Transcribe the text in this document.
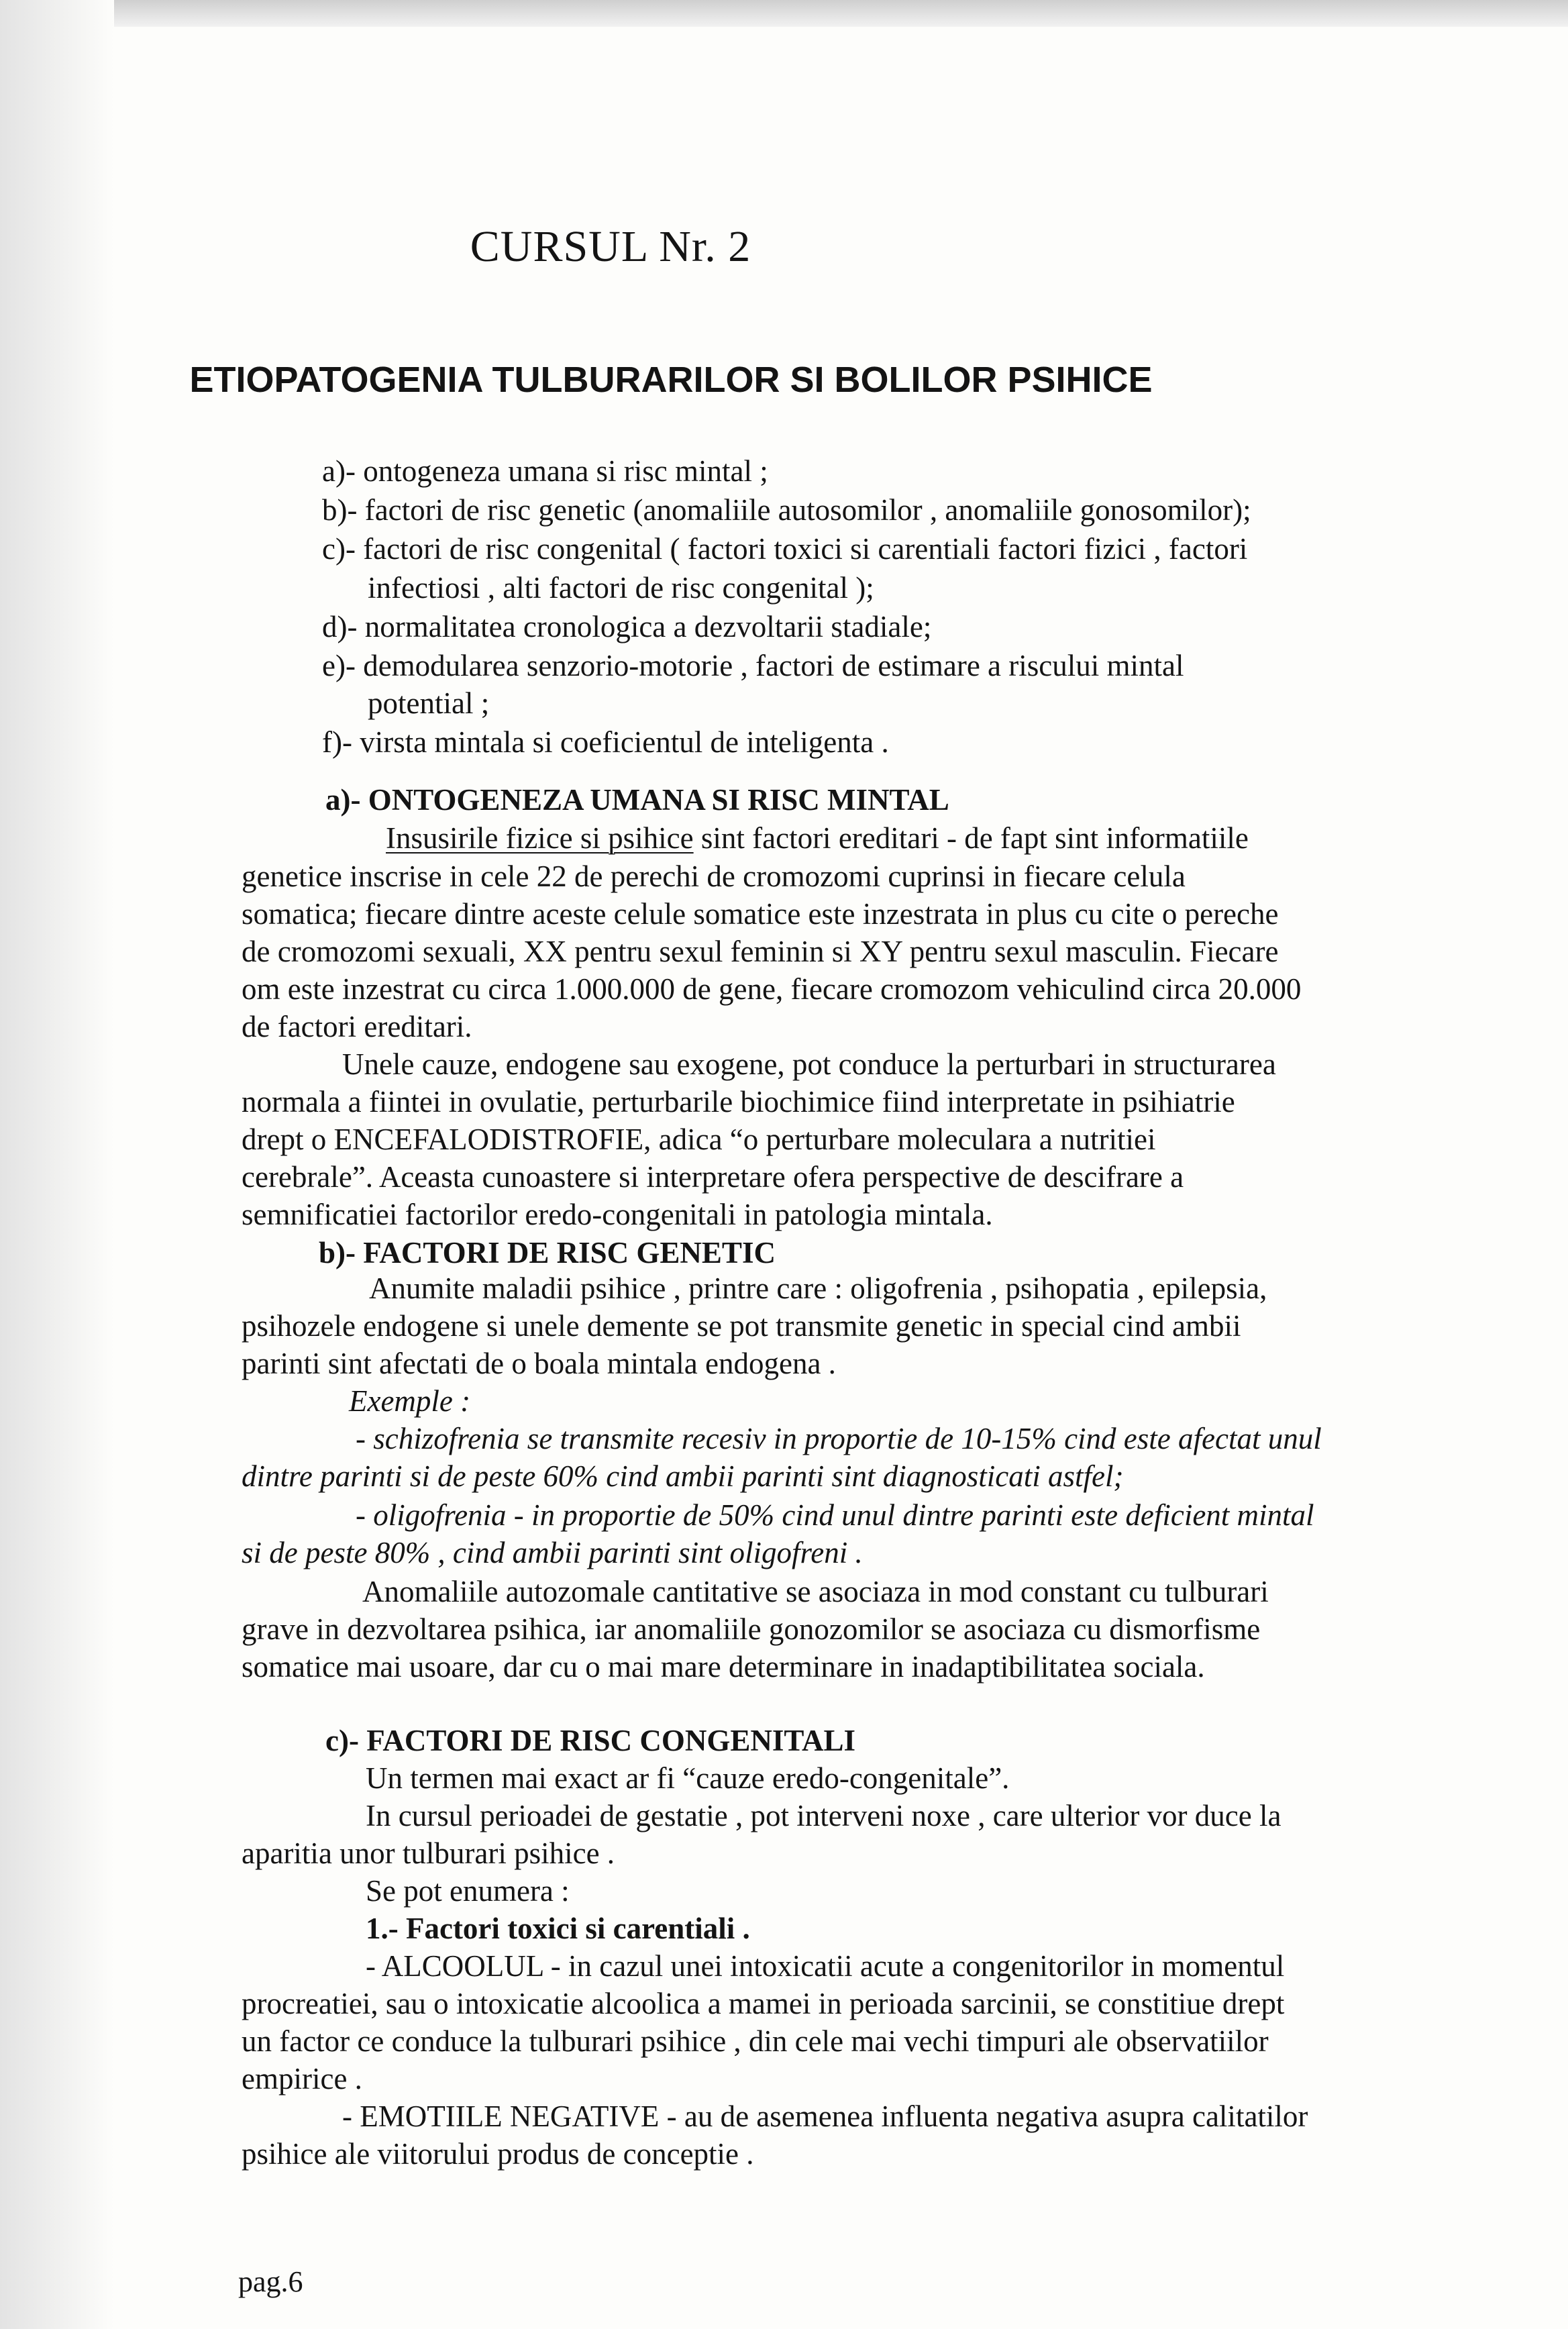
CURSUL Nr. 2
ETIOPATOGENIA TULBURARILOR SI BOLILOR PSIHICE
a)- ontogeneza umana si risc mintal ;
b)- factori de risc genetic (anomaliile autosomilor , anomaliile gonosomilor);
c)- factori de risc congenital ( factori toxici si carentiali factori fizici , factori
infectiosi , alti factori de risc congenital );
d)- normalitatea cronologica a dezvoltarii stadiale;
e)- demodularea senzorio-motorie , factori de estimare a riscului mintal
potential ;
f)- virsta mintala si coeficientul de inteligenta .
a)- ONTOGENEZA UMANA SI RISC MINTAL
Insusirile fizice si psihice sint factori ereditari - de fapt sint informatiile
genetice inscrise in cele 22 de perechi de cromozomi cuprinsi in fiecare celula
somatica; fiecare dintre aceste celule somatice este inzestrata in plus cu cite o pereche
de cromozomi sexuali, XX pentru sexul feminin si XY pentru sexul masculin. Fiecare
om este inzestrat cu circa 1.000.000 de gene, fiecare cromozom vehiculind circa 20.000
de factori ereditari.
Unele cauze, endogene sau exogene, pot conduce la perturbari in structurarea
normala a fiintei in ovulatie, perturbarile biochimice fiind interpretate in psihiatrie
drept o ENCEFALODISTROFIE, adica “o perturbare moleculara a nutritiei
cerebrale”. Aceasta cunoastere si interpretare ofera perspective de descifrare a
semnificatiei factorilor eredo-congenitali in patologia mintala.
b)- FACTORI DE RISC GENETIC
Anumite maladii psihice , printre care : oligofrenia , psihopatia , epilepsia,
psihozele endogene si unele demente se pot transmite genetic in special cind ambii
parinti sint afectati de o boala mintala endogena .
Exemple :
- schizofrenia se transmite recesiv in proportie de 10-15% cind este afectat unul
dintre parinti si de peste 60% cind ambii parinti sint diagnosticati astfel;
- oligofrenia - in proportie de 50% cind unul dintre parinti este deficient mintal
si de peste 80% , cind ambii parinti sint oligofreni .
Anomaliile autozomale cantitative se asociaza in mod constant cu tulburari
grave in dezvoltarea psihica, iar anomaliile gonozomilor se asociaza cu dismorfisme
somatice mai usoare, dar cu o mai mare determinare in inadaptibilitatea sociala.
c)- FACTORI DE RISC CONGENITALI
Un termen mai exact ar fi “cauze eredo-congenitale”.
In cursul perioadei de gestatie , pot interveni noxe , care ulterior vor duce la
aparitia unor tulburari psihice .
Se pot enumera :
1.- Factori toxici si carentiali .
- ALCOOLUL - in cazul unei intoxicatii acute a congenitorilor in momentul
procreatiei, sau o intoxicatie alcoolica a mamei in perioada sarcinii, se constitiue drept
un factor ce conduce la tulburari psihice , din cele mai vechi timpuri ale observatiilor
empirice .
- EMOTIILE NEGATIVE - au de asemenea influenta negativa asupra calitatilor
psihice ale viitorului produs de conceptie .
pag.6
